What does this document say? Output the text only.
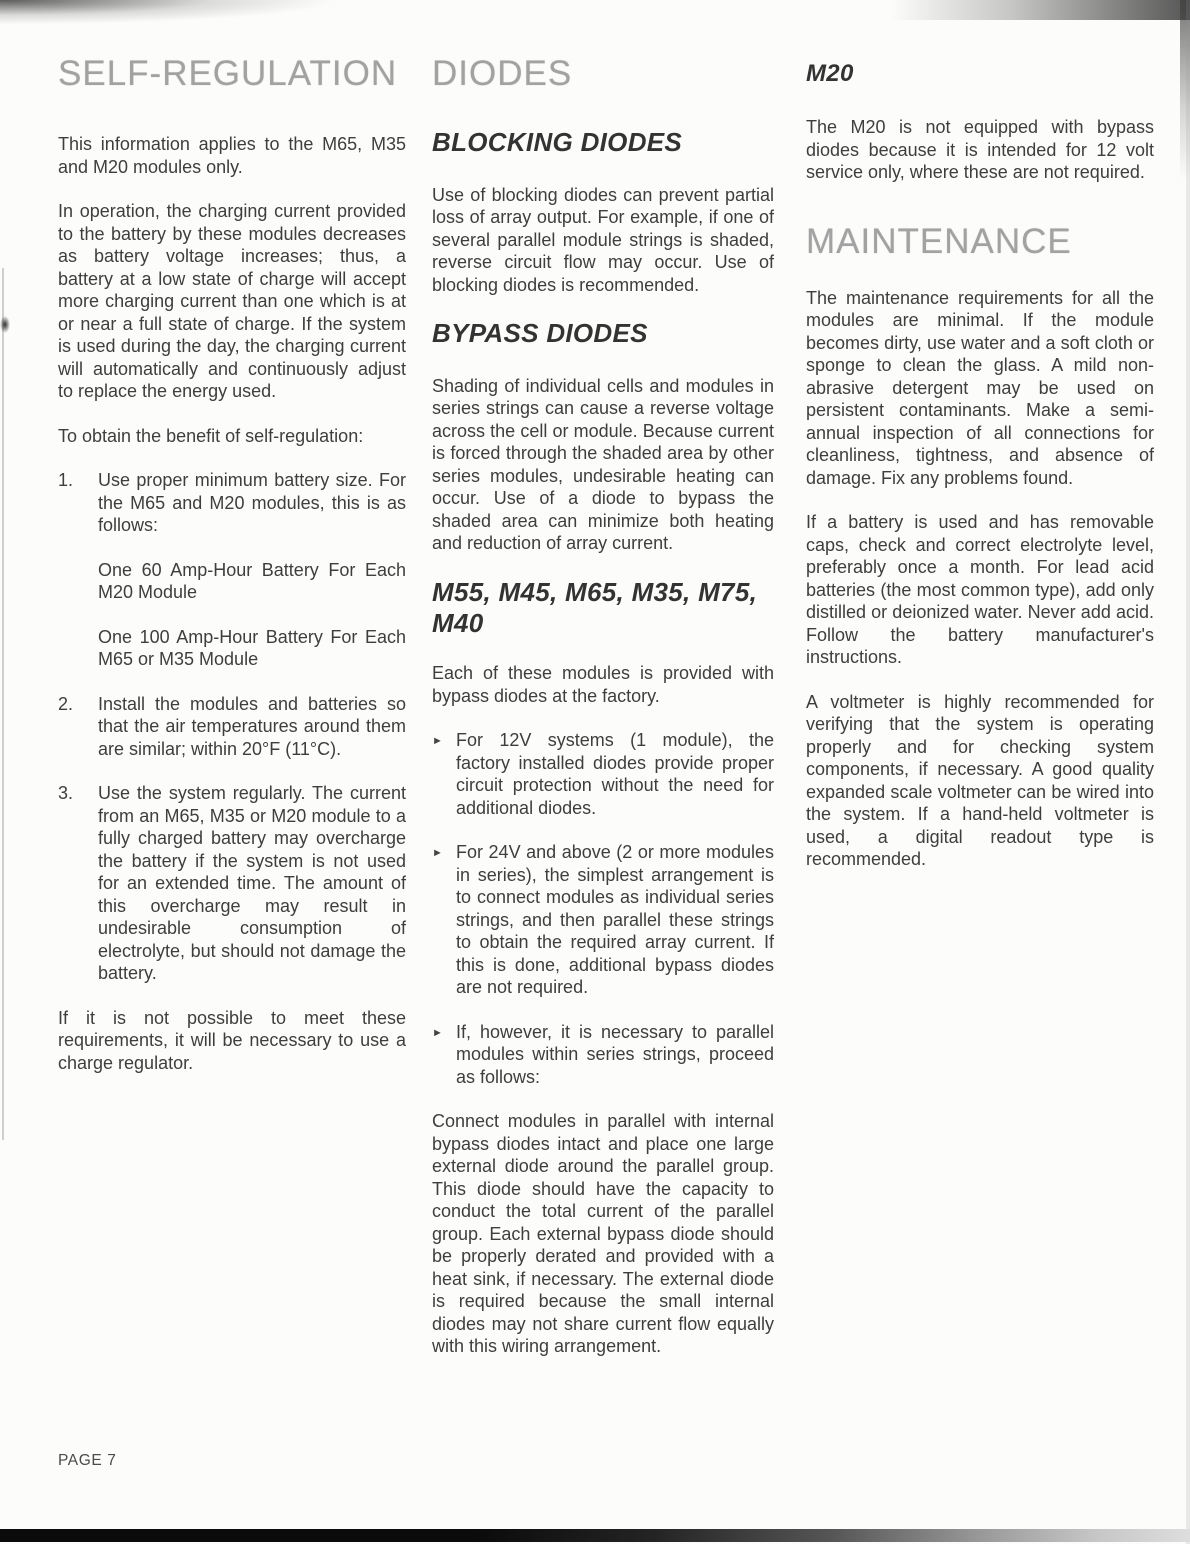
SELF-REGULATION

This information applies to the M65, M35 and M20 modules only.

In operation, the charging current provided to the battery by these modules decreases as battery voltage increases; thus, a battery at a low state of charge will accept more charging current than one which is at or near a full state of charge. If the system is used during the day, the charging current will automatically and continuously adjust to replace the energy used.

To obtain the benefit of self-regulation:

1.	Use proper minimum battery size. For the M65 and M20 modules, this is as follows:

One 60 Amp-Hour Battery For Each M20 Module

One 100 Amp-Hour Battery For Each M65 or M35 Module

2.	Install the modules and batteries so that the air temperatures around them are similar; within 20°F (11°C).
3.	Use the system regularly. The current from an M65, M35 or M20 module to a fully charged battery may overcharge the battery if the system is not used for an extended time. The amount of this overcharge may result in undesirable consumption of electrolyte, but should not damage the battery.

If it is not possible to meet these requirements, it will be necessary to use a charge regulator.

DIODES
BLOCKING DIODES

Use of blocking diodes can prevent partial loss of array output. For example, if one of several parallel module strings is shaded, reverse circuit flow may occur. Use of blocking diodes is recommended.

BYPASS DIODES

Shading of individual cells and modules in series strings can cause a reverse voltage across the cell or module. Because current is forced through the shaded area by other series modules, undesirable heating can occur. Use of a diode to bypass the shaded area can minimize both heating and reduction of array current.

M55, M45, M65, M35, M75, M40

Each of these modules is provided with bypass diodes at the factory.

► For 12V systems (1 module), the factory installed diodes provide proper circuit protection without the need for additional diodes.
► For 24V and above (2 or more modules in series), the simplest arrangement is to connect modules as individual series strings, and then parallel these strings to obtain the required array current. If this is done, additional bypass diodes are not required.
► If, however, it is necessary to parallel modules within series strings, proceed as follows:

Connect modules in parallel with internal bypass diodes intact and place one large external diode around the parallel group. This diode should have the capacity to conduct the total current of the parallel group. Each external bypass diode should be properly derated and provided with a heat sink, if necessary. The external diode is required because the small internal diodes may not share current flow equally with this wiring arrangement.

M20

The M20 is not equipped with bypass diodes because it is intended for 12 volt service only, where these are not required.

MAINTENANCE

The maintenance requirements for all the modules are minimal. If the module becomes dirty, use water and a soft cloth or sponge to clean the glass. A mild non-abrasive detergent may be used on persistent contaminants. Make a semi-annual inspection of all connections for cleanliness, tightness, and absence of damage. Fix any problems found.

If a battery is used and has removable caps, check and correct electrolyte level, preferably once a month. For lead acid batteries (the most common type), add only distilled or deionized water. Never add acid. Follow the battery manufacturer's instructions.

A voltmeter is highly recommended for verifying that the system is operating properly and for checking system components, if necessary. A good quality expanded scale voltmeter can be wired into the system. If a hand-held voltmeter is used, a digital readout type is recommended.

PAGE 7
